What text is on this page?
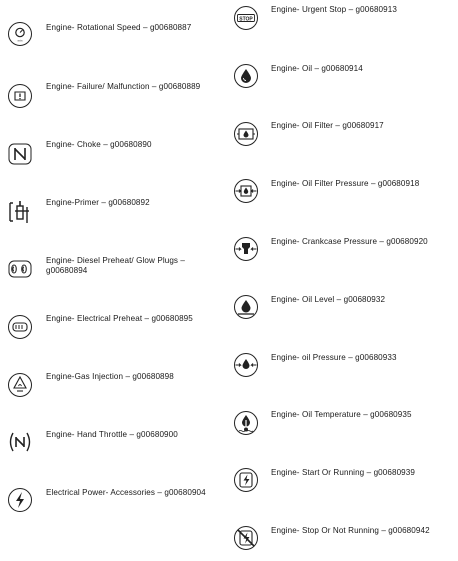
min
Engine- Rotational Speed – g00680887
Engine- Failure/ Malfunction – g00680889
Engine- Choke – g00680890
Engine-Primer – g00680892
Engine- Diesel Preheat/ Glow Plugs – g00680894
Engine- Electrical Preheat – g00680895
Engine-Gas Injection – g00680898
Engine- Hand Throttle – g00680900
Electrical Power- Accessories – g00680904
STOP
Engine- Urgent Stop – g00680913
Engine- Oil – g00680914
Engine- Oil Filter – g00680917
Engine- Oil Filter Pressure – g00680918
Engine- Crankcase Pressure – g00680920
Engine- Oil Level – g00680932
Engine- oil Pressure – g00680933
Engine- Oil Temperature – g00680935
Engine- Start Or Running – g00680939
Engine- Stop Or Not Running – g00680942
